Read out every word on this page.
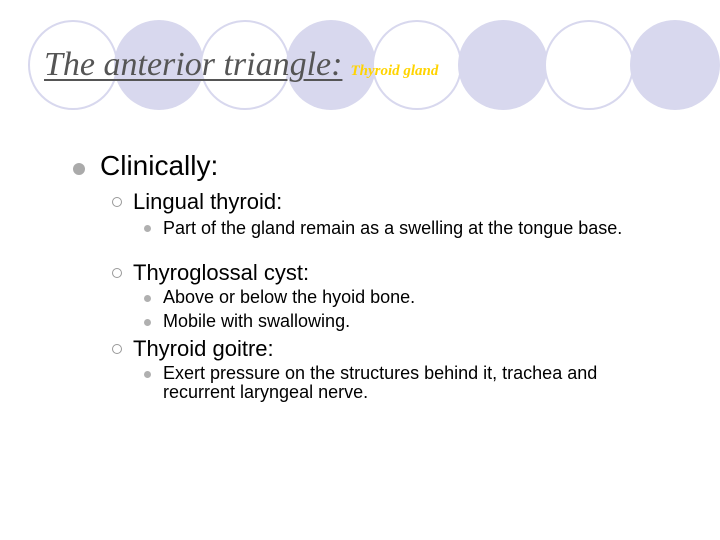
The anterior triangle: Thyroid gland
Clinically:
Lingual thyroid:
Part of the gland remain as a swelling at the tongue base.
Thyroglossal cyst:
Above or below the hyoid bone.
Mobile with swallowing.
Thyroid goitre:
Exert pressure on the structures behind it, trachea and recurrent laryngeal nerve.
